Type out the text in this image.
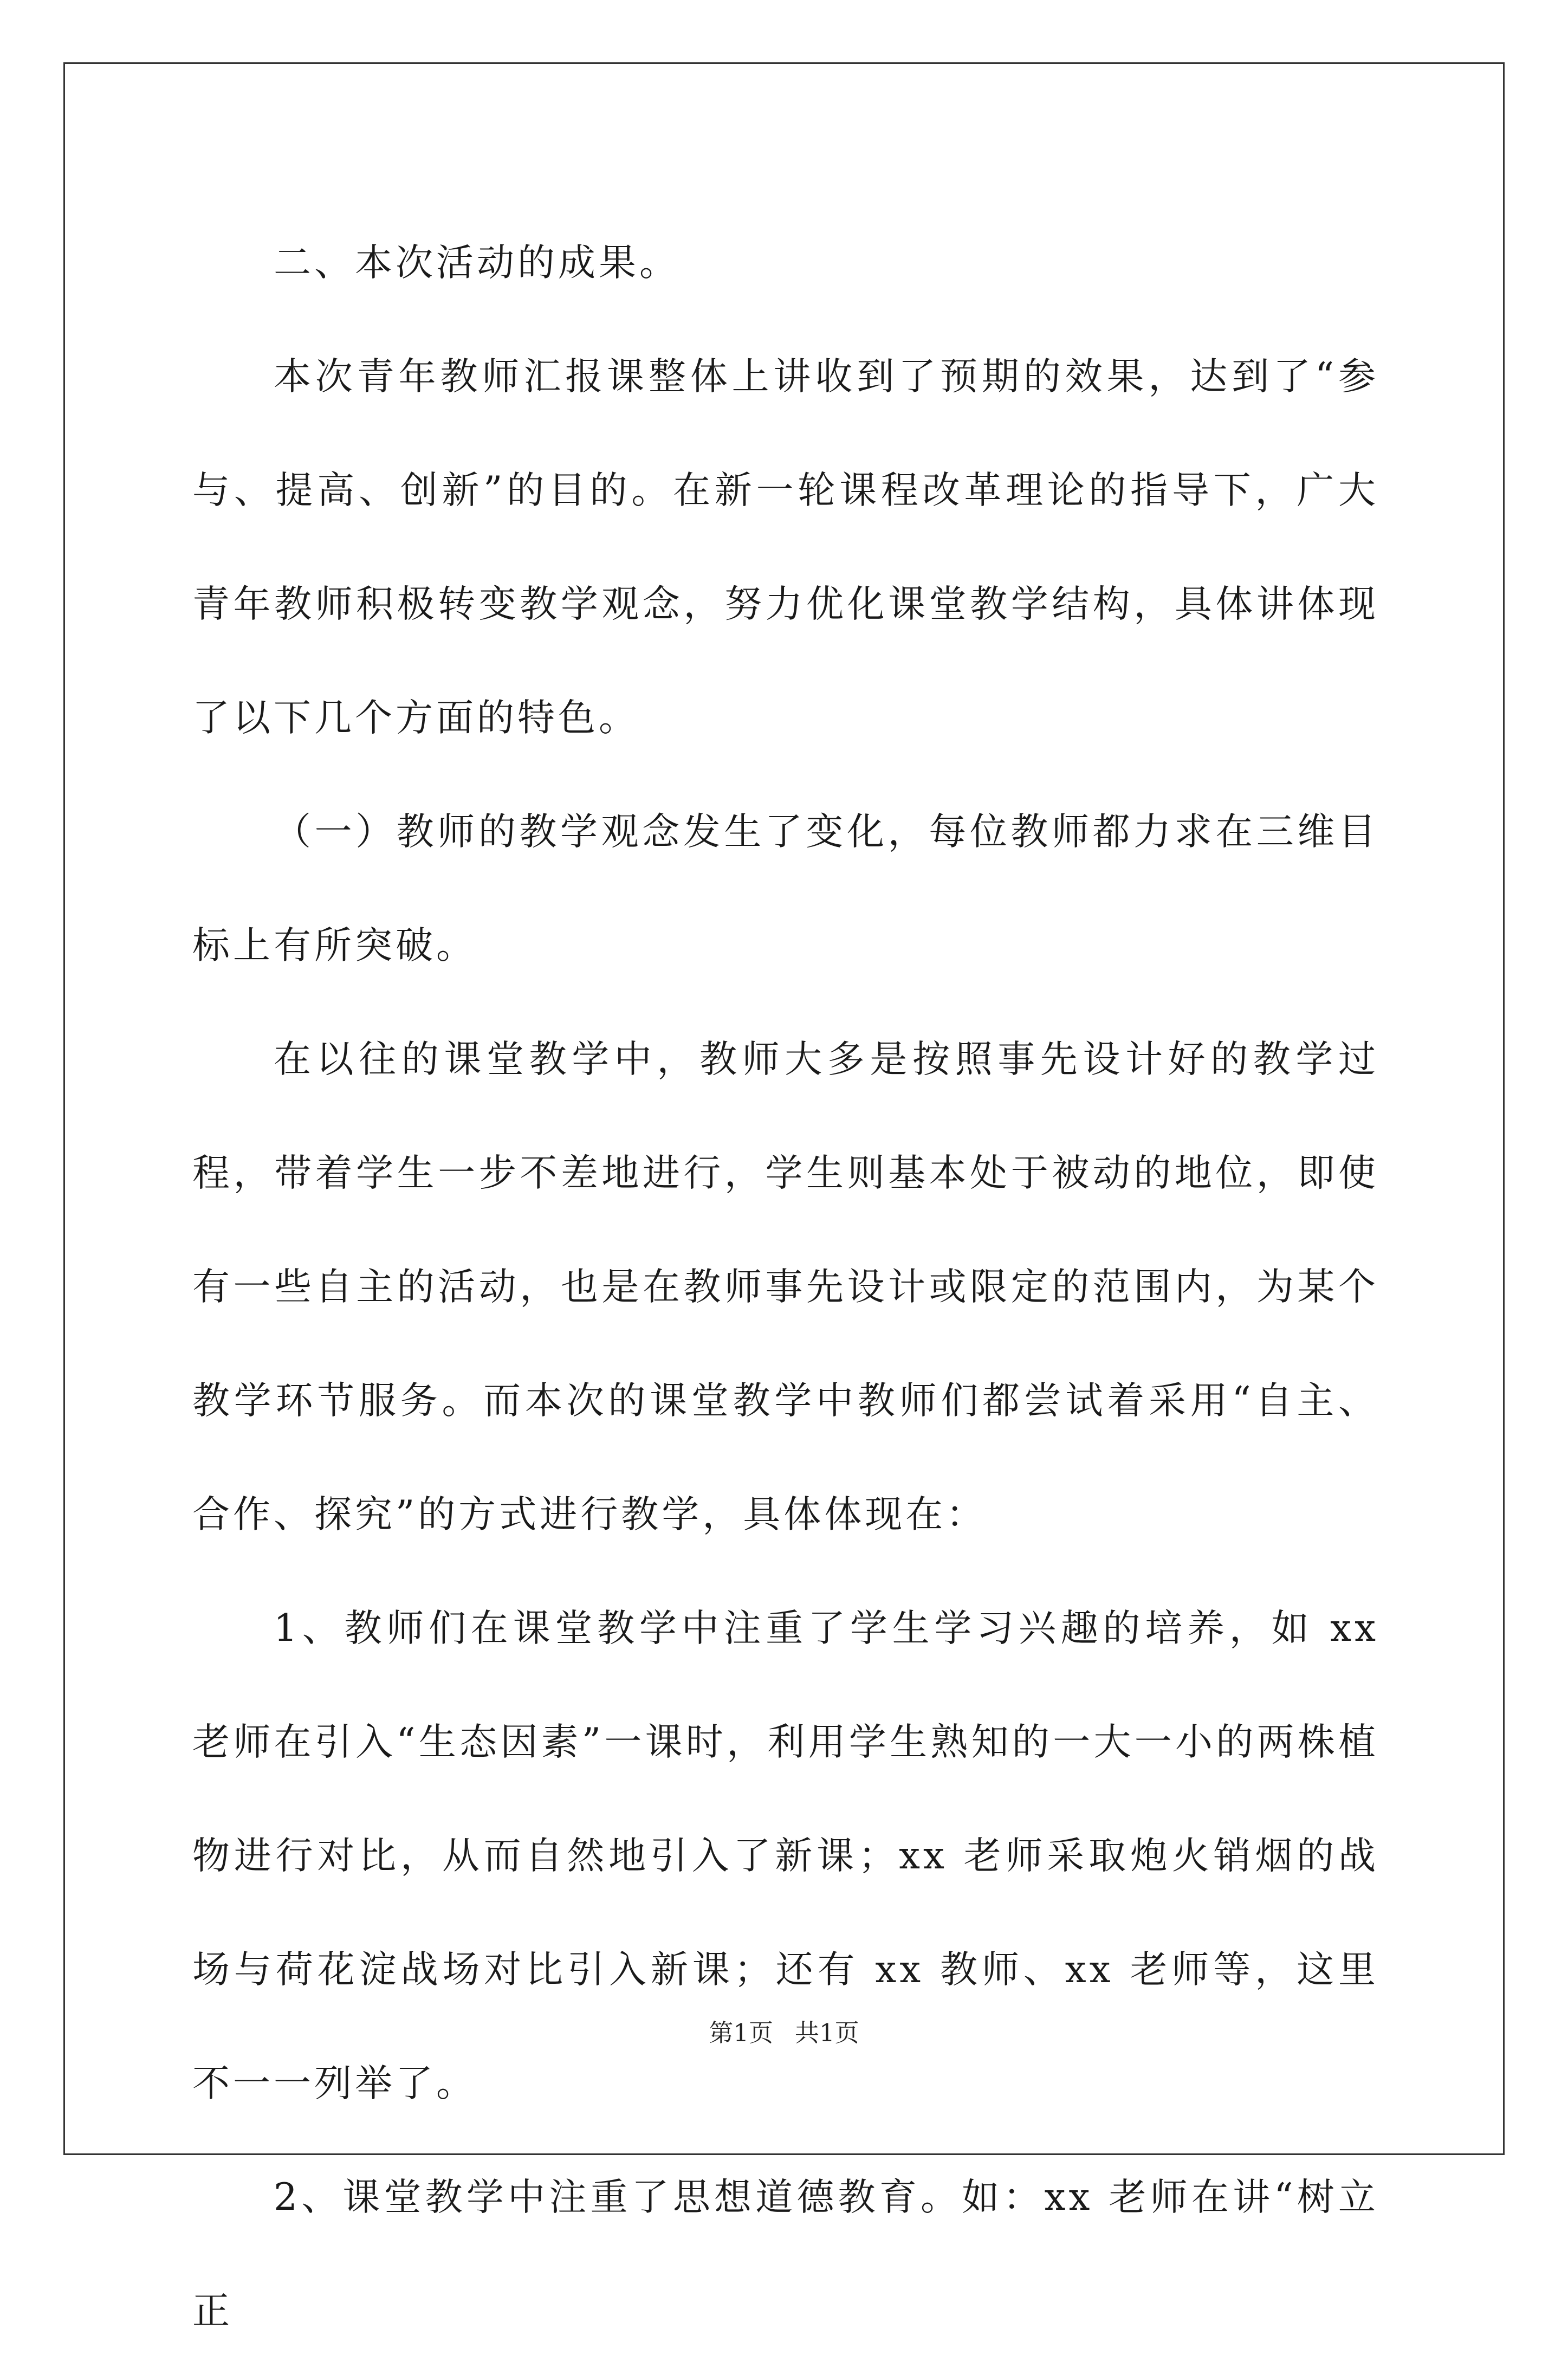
二、本次活动的成果。

本次青年教师汇报课整体上讲收到了预期的效果，达到了“参与、提高、创新”的目的。在新一轮课程改革理论的指导下，广大青年教师积极转变教学观念，努力优化课堂教学结构，具体讲体现了以下几个方面的特色。

（一）教师的教学观念发生了变化，每位教师都力求在三维目标上有所突破。

在以往的课堂教学中，教师大多是按照事先设计好的教学过程，带着学生一步不差地进行，学生则基本处于被动的地位，即使有一些自主的活动，也是在教师事先设计或限定的范围内，为某个教学环节服务。而本次的课堂教学中教师们都尝试着采用“自主、合作、探究”的方式进行教学，具体体现在：

1、教师们在课堂教学中注重了学生学习兴趣的培养，如 xx 老师在引入“生态因素”一课时，利用学生熟知的一大一小的两株植物进行对比，从而自然地引入了新课；xx 老师采取炮火销烟的战场与荷花淀战场对比引入新课；还有 xx 教师、xx 老师等，这里不一一列举了。

2、课堂教学中注重了思想道德教育。如：xx 老师在讲“树立正

第1页 共1页
